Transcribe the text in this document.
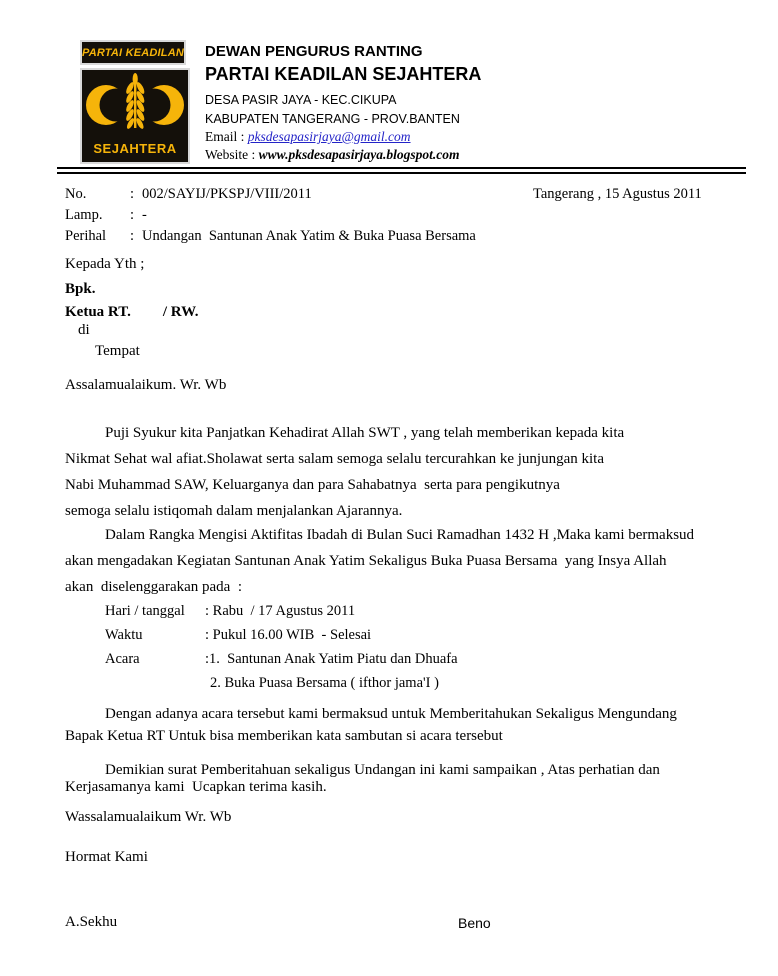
PARTAI KEADILAN
SEJAHTERA
DEWAN PENGURUS RANTING
PARTAI KEADILAN SEJAHTERA
DESA PASIR JAYA - KEC.CIKUPA
KABUPATEN TANGERANG - PROV.BANTEN
Email : pksdesapasirjaya@gmail.com
Website : www.pksdesapasirjaya.blogspot.com
No.	: 002/SAYIJ/PKSPJ/VIII/2011
Lamp.	: -
Perihal	: Undangan  Santunan Anak Yatim & Buka Puasa Bersama
Tangerang , 15 Agustus 2011
Kepada Yth ;
Bpk.
Ketua RT. / RW.
di
Tempat
Assalamualaikum. Wr. Wb
Puji Syukur kita Panjatkan Kehadirat Allah SWT , yang telah memberikan kepada kita
Nikmat Sehat wal afiat.Sholawat serta salam semoga selalu tercurahkan ke junjungan kita
Nabi Muhammad SAW, Keluarganya dan para Sahabatnya  serta para pengikutnya
semoga selalu istiqomah dalam menjalankan Ajarannya.
Dalam Rangka Mengisi Aktifitas Ibadah di Bulan Suci Ramadhan 1432 H ,Maka kami bermaksud
akan mengadakan Kegiatan Santunan Anak Yatim Sekaligus Buka Puasa Bersama  yang Insya Allah
akan  diselenggarakan pada  :
Hari / tanggal	: Rabu  / 17 Agustus 2011
Waktu	: Pukul 16.00 WIB  - Selesai
Acara	:1.  Santunan Anak Yatim Piatu dan Dhuafa
2. Buka Puasa Bersama ( ifthor jama'I )
Dengan adanya acara tersebut kami bermaksud untuk Memberitahukan Sekaligus Mengundang
Bapak Ketua RT Untuk bisa memberikan kata sambutan si acara tersebut
Demikian surat Pemberitahuan sekaligus Undangan ini kami sampaikan , Atas perhatian dan
Kerjasamanya kami  Ucapkan terima kasih.
Wassalamualaikum Wr. Wb
Hormat Kami
A.Sekhu	Beno
